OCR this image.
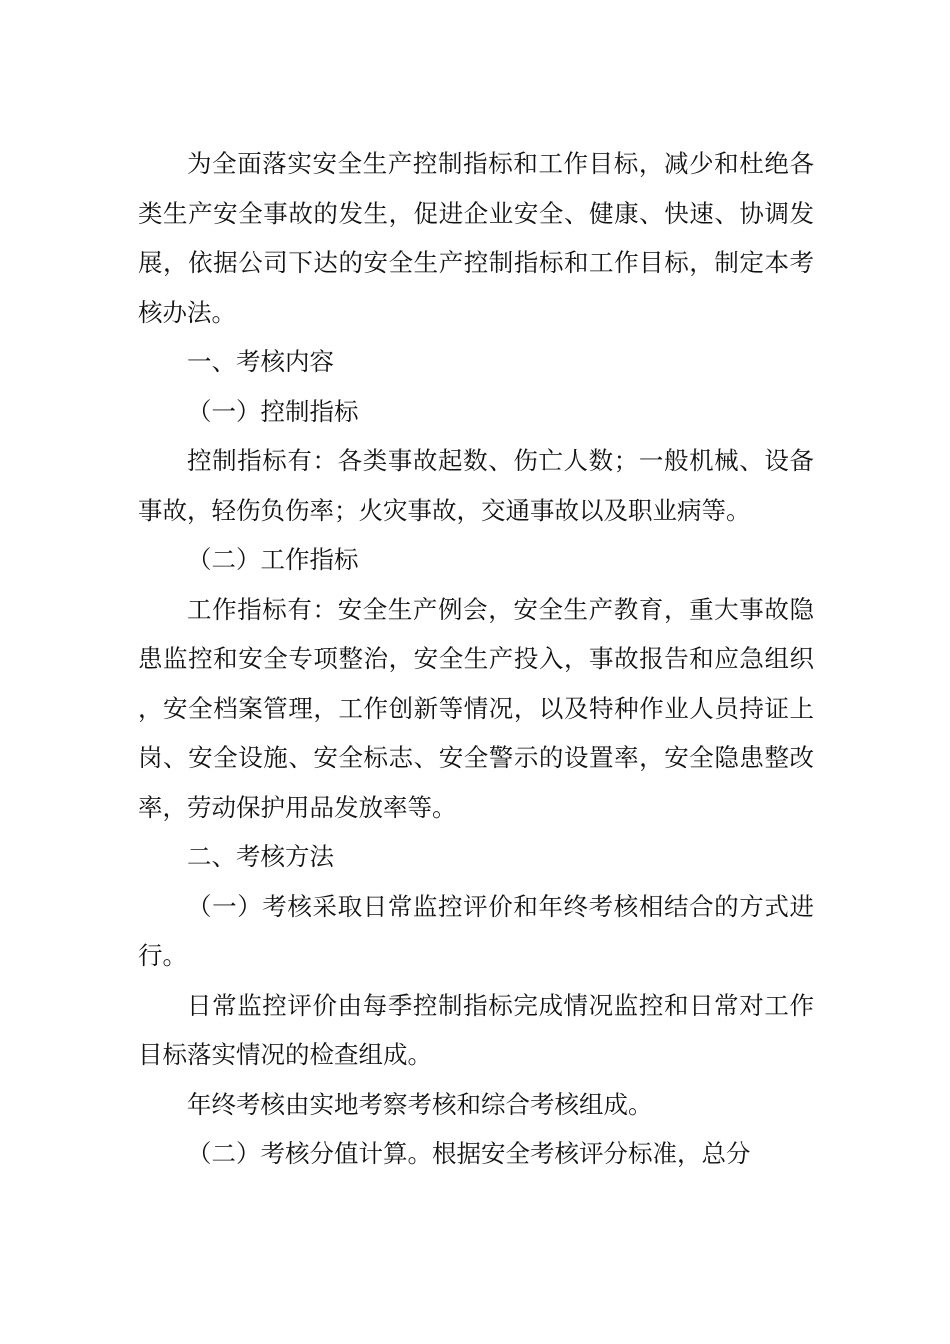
为全面落实安全生产控制指标和工作目标，减少和杜绝各类生产安全事故的发生，促进企业安全、健康、快速、协调发展，依据公司下达的安全生产控制指标和工作目标，制定本考核办法。

一、考核内容

（一）控制指标

控制指标有：各类事故起数、伤亡人数；一般机械、设备事故，轻伤负伤率；火灾事故，交通事故以及职业病等。

（二）工作指标

工作指标有：安全生产例会，安全生产教育，重大事故隐患监控和安全专项整治，安全生产投入，事故报告和应急组织，安全档案管理，工作创新等情况，以及特种作业人员持证上岗、安全设施、安全标志、安全警示的设置率，安全隐患整改率，劳动保护用品发放率等。

二、考核方法

（一）考核采取日常监控评价和年终考核相结合的方式进行。

日常监控评价由每季控制指标完成情况监控和日常对工作目标落实情况的检查组成。

年终考核由实地考察考核和综合考核组成。

（二）考核分值计算。根据安全考核评分标准，总分
